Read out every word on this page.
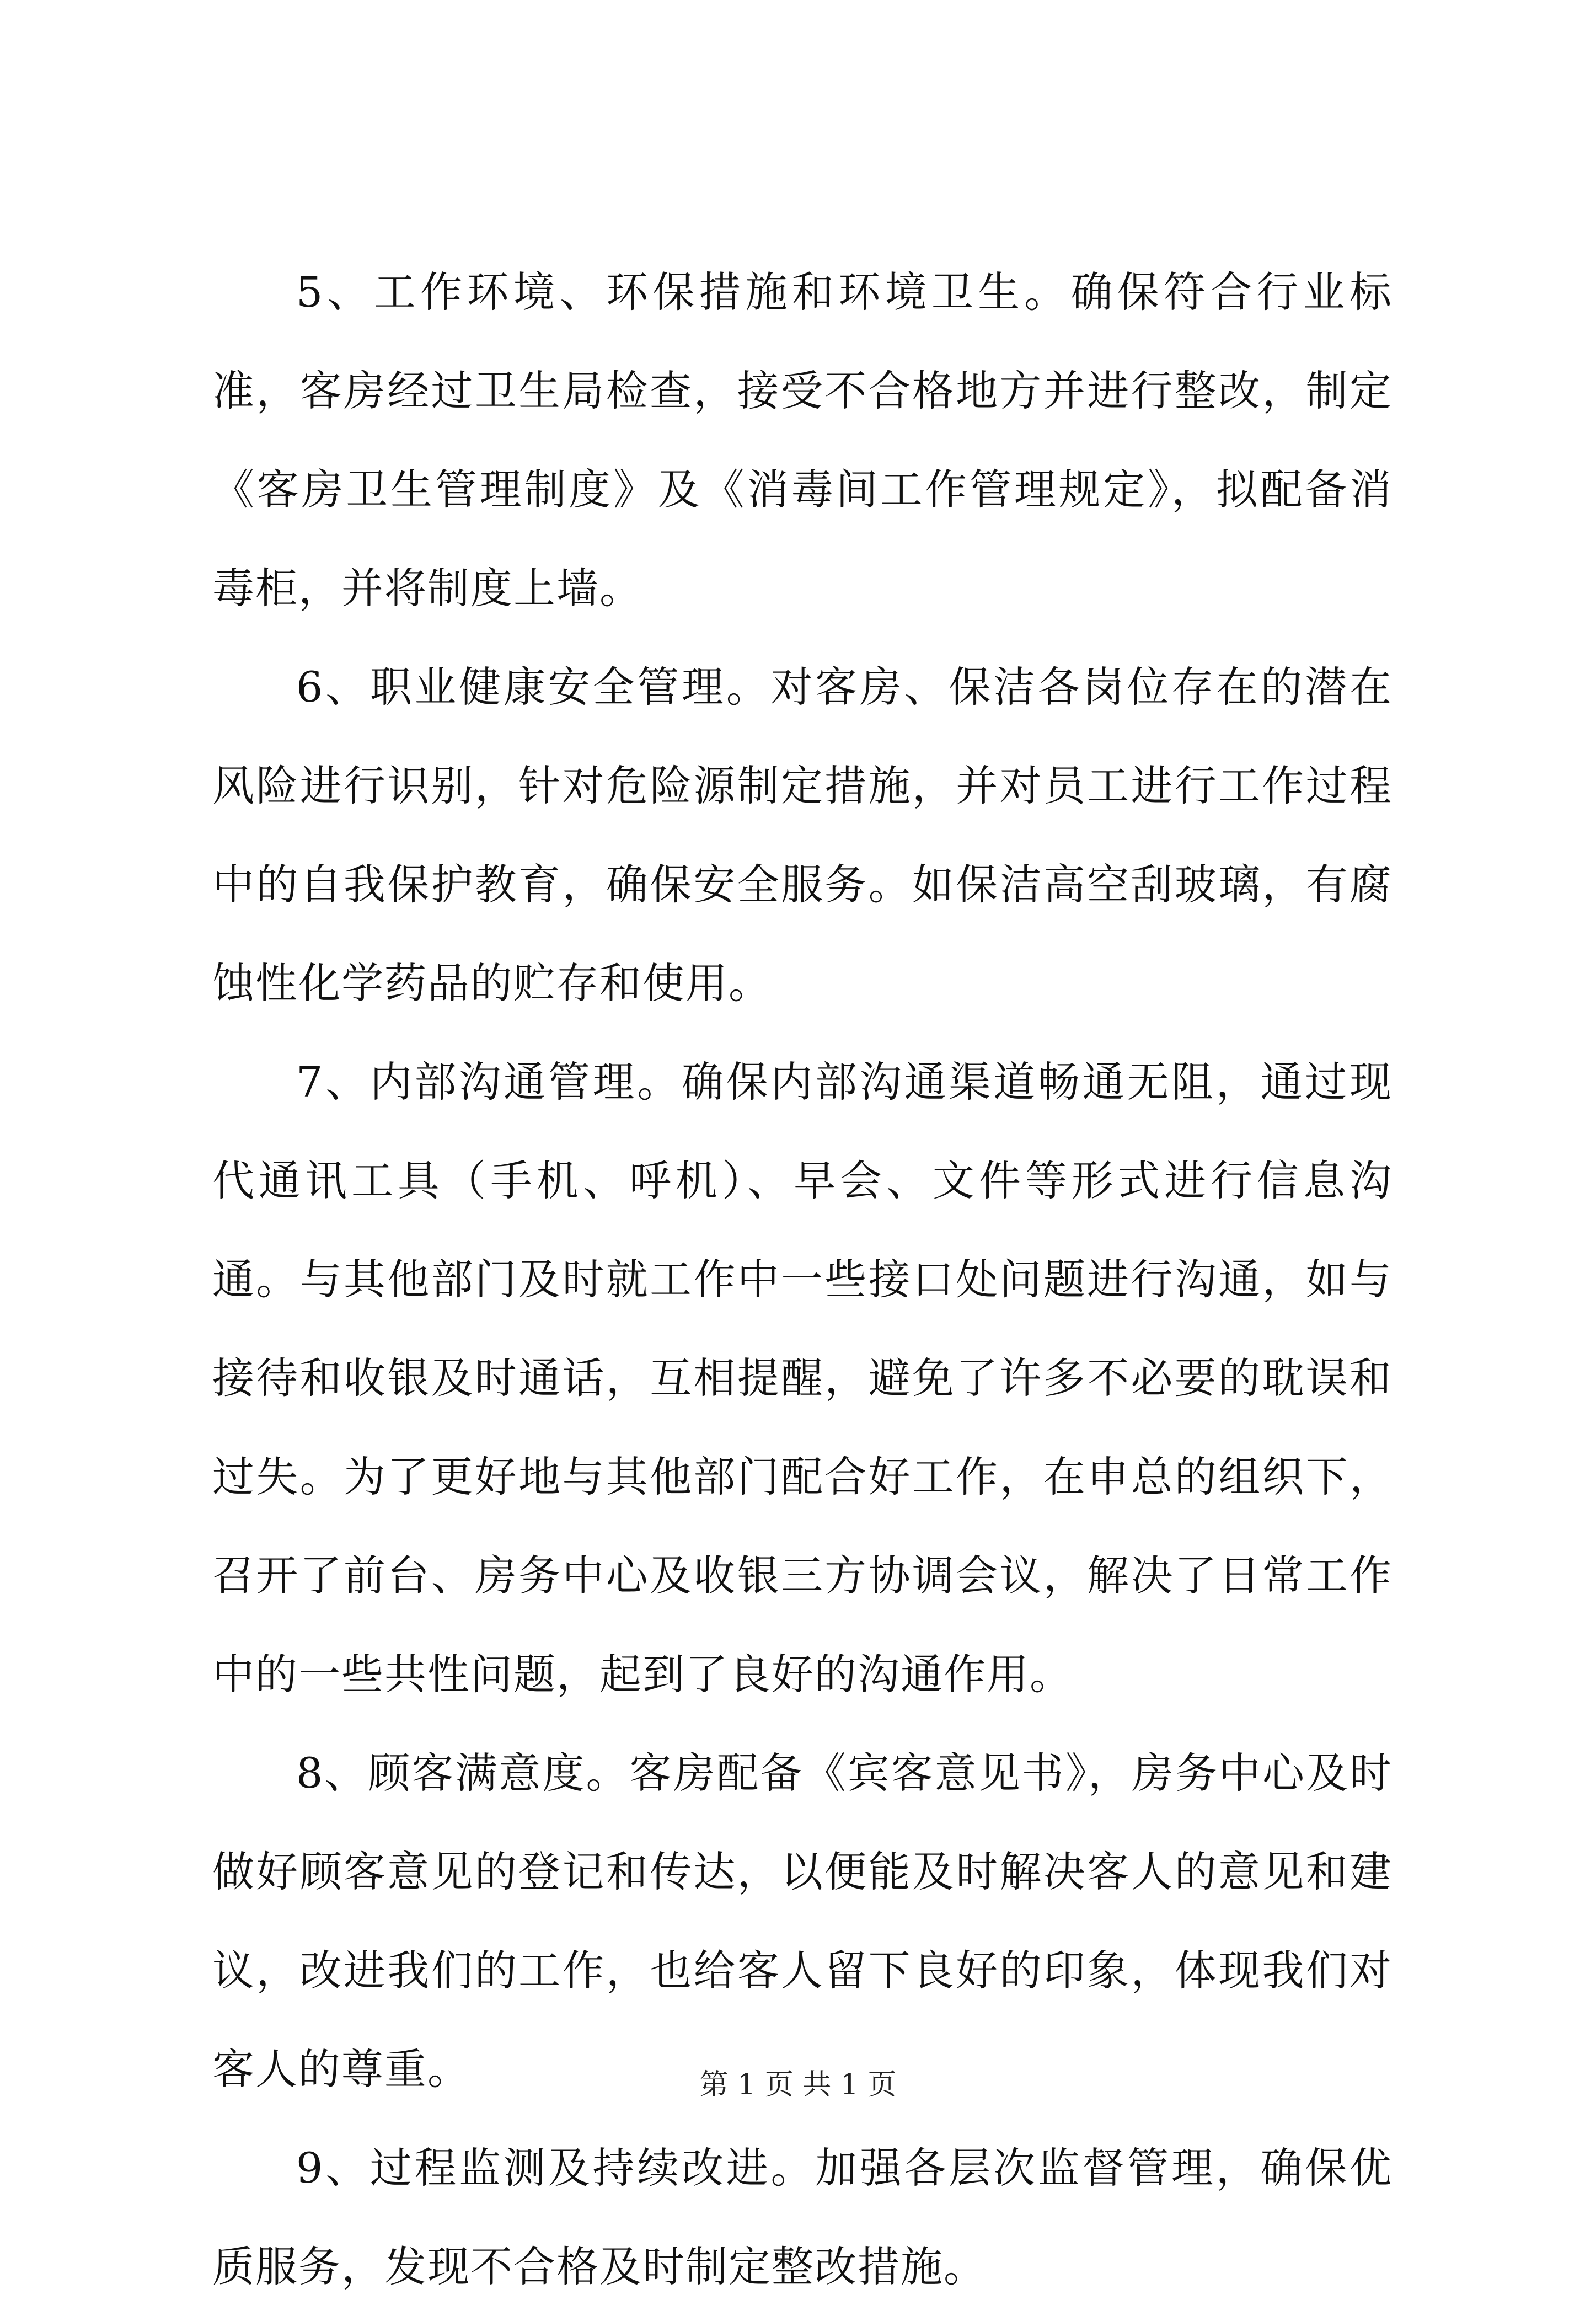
5、工作环境、环保措施和环境卫生。确保符合行业标准，客房经过卫生局检查，接受不合格地方并进行整改，制定《客房卫生管理制度》及《消毒间工作管理规定》，拟配备消毒柜，并将制度上墙。

6、职业健康安全管理。对客房、保洁各岗位存在的潜在风险进行识别，针对危险源制定措施，并对员工进行工作过程中的自我保护教育，确保安全服务。如保洁高空刮玻璃，有腐蚀性化学药品的贮存和使用。

7、内部沟通管理。确保内部沟通渠道畅通无阻，通过现代通讯工具（手机、呼机）、早会、文件等形式进行信息沟通。与其他部门及时就工作中一些接口处问题进行沟通，如与接待和收银及时通话，互相提醒，避免了许多不必要的耽误和过失。为了更好地与其他部门配合好工作，在申总的组织下，召开了前台、房务中心及收银三方协调会议，解决了日常工作中的一些共性问题，起到了良好的沟通作用。

8、顾客满意度。客房配备《宾客意见书》，房务中心及时做好顾客意见的登记和传达，以便能及时解决客人的意见和建议，改进我们的工作，也给客人留下良好的印象，体现我们对客人的尊重。

9、过程监测及持续改进。加强各层次监督管理，确保优质服务，发现不合格及时制定整改措施。

第 1 页 共 1 页
